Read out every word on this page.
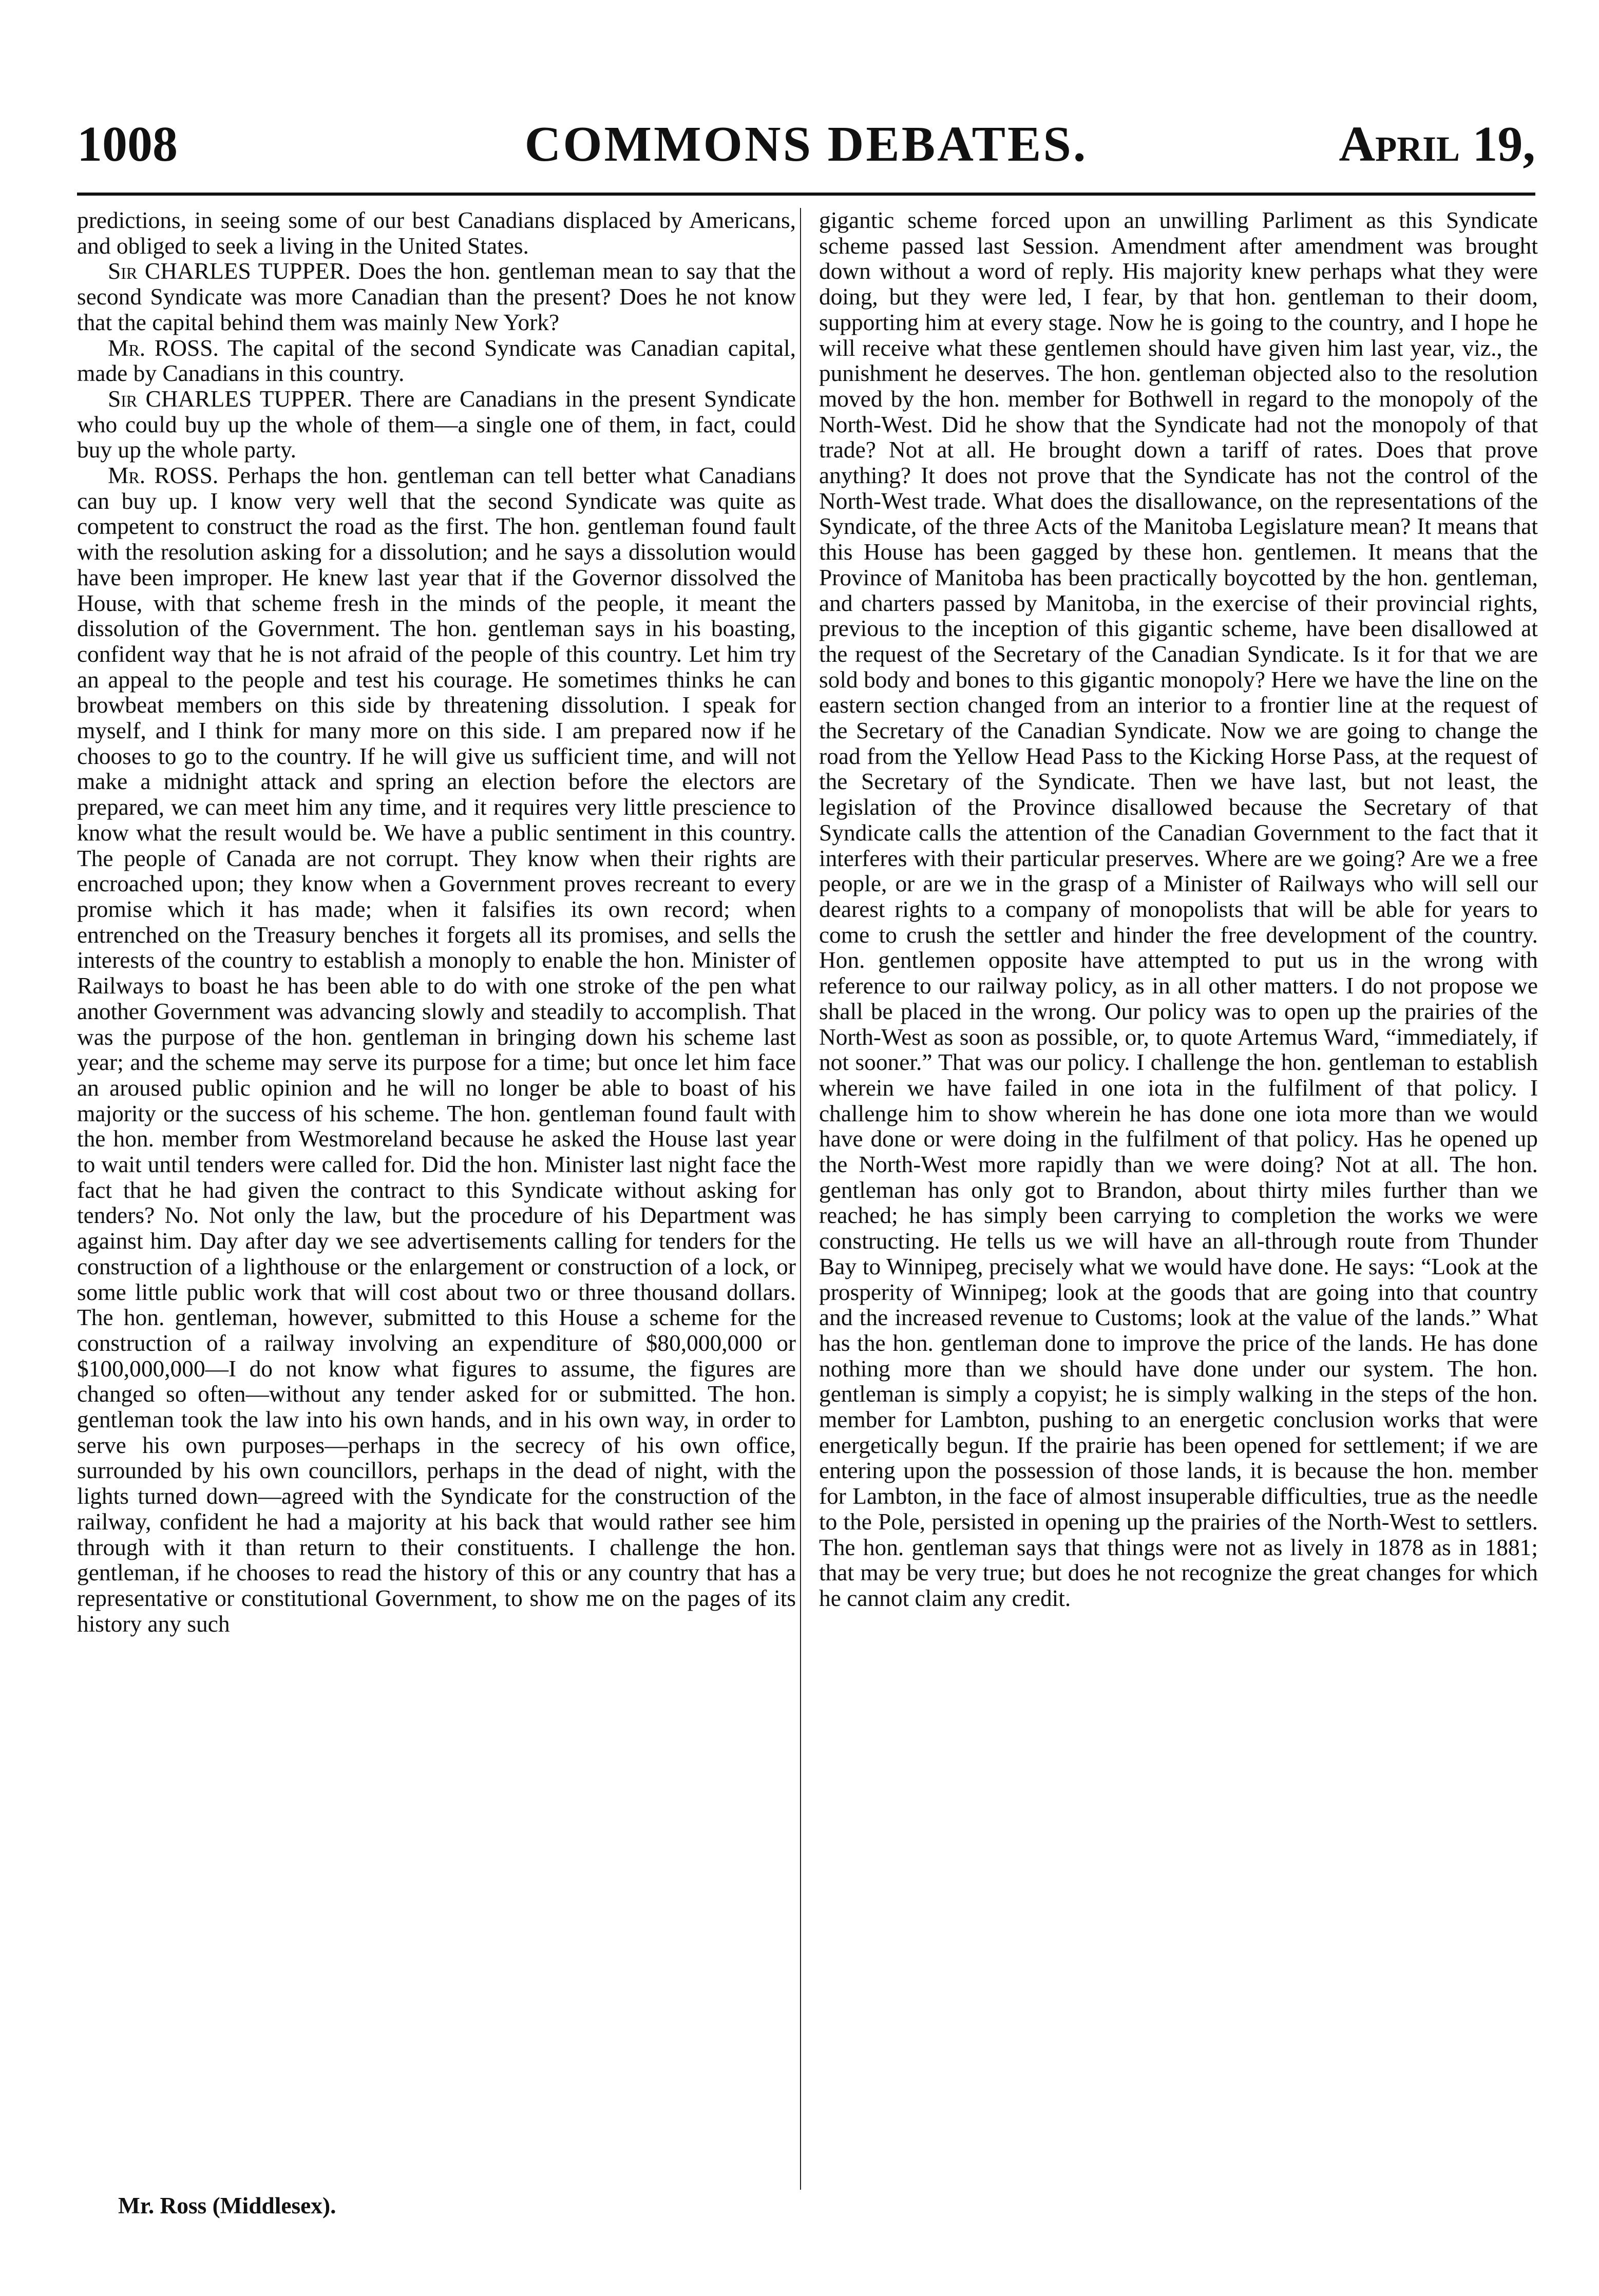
1008	COMMONS DEBATES.	April 19,

predictions, in seeing some of our best Canadians displaced by Americans, and obliged to seek a living in the United States.

Sir CHARLES TUPPER. Does the hon. gentleman mean to say that the second Syndicate was more Canadian than the present? Does he not know that the capital behind them was mainly New York?

Mr. ROSS. The capital of the second Syndicate was Canadian capital, made by Canadians in this country.

Sir CHARLES TUPPER. There are Canadians in the present Syndicate who could buy up the whole of them—a single one of them, in fact, could buy up the whole party.

Mr. ROSS. Perhaps the hon. gentleman can tell better what Canadians can buy up. I know very well that the second Syndicate was quite as competent to construct the road as the first. The hon. gentleman found fault with the resolution asking for a dissolution; and he says a dissolution would have been improper. He knew last year that if the Governor dissolved the House, with that scheme fresh in the minds of the people, it meant the dissolution of the Government. The hon. gentleman says in his boasting, confident way that he is not afraid of the people of this country. Let him try an appeal to the people and test his courage. He sometimes thinks he can browbeat members on this side by threatening dissolution. I speak for myself, and I think for many more on this side. I am prepared now if he chooses to go to the country. If he will give us sufficient time, and will not make a midnight attack and spring an election before the electors are prepared, we can meet him any time, and it requires very little prescience to know what the result would be. We have a public sentiment in this country. The people of Canada are not corrupt. They know when their rights are encroached upon; they know when a Government proves recreant to every promise which it has made; when it falsifies its own record; when entrenched on the Treasury benches it forgets all its promises, and sells the interests of the country to establish a monoply to enable the hon. Minister of Railways to boast he has been able to do with one stroke of the pen what another Government was advancing slowly and steadily to accomplish. That was the purpose of the hon. gentleman in bringing down his scheme last year; and the scheme may serve its purpose for a time; but once let him face an aroused public opinion and he will no longer be able to boast of his majority or the success of his scheme. The hon. gentleman found fault with the hon. member from Westmoreland because he asked the House last year to wait until tenders were called for. Did the hon. Minister last night face the fact that he had given the contract to this Syndicate without asking for tenders? No. Not only the law, but the procedure of his Department was against him. Day after day we see advertisements calling for tenders for the construction of a lighthouse or the enlargement or construction of a lock, or some little public work that will cost about two or three thousand dollars. The hon. gentleman, however, submitted to this House a scheme for the construction of a railway involving an expenditure of $80,000,000 or $100,000,000—I do not know what figures to assume, the figures are changed so often—without any tender asked for or submitted. The hon. gentleman took the law into his own hands, and in his own way, in order to serve his own purposes—perhaps in the secrecy of his own office, surrounded by his own councillors, perhaps in the dead of night, with the lights turned down—agreed with the Syndicate for the construction of the railway, confident he had a majority at his back that would rather see him through with it than return to their constituents. I challenge the hon. gentleman, if he chooses to read the history of this or any country that has a representative or constitutional Government, to show me on the pages of its history any such

gigantic scheme forced upon an unwilling Parliment as this Syndicate scheme passed last Session. Amendment after amendment was brought down without a word of reply. His majority knew perhaps what they were doing, but they were led, I fear, by that hon. gentleman to their doom, supporting him at every stage. Now he is going to the country, and I hope he will receive what these gentlemen should have given him last year, viz., the punishment he deserves. The hon. gentleman objected also to the resolution moved by the hon. member for Bothwell in regard to the monopoly of the North-West. Did he show that the Syndicate had not the monopoly of that trade? Not at all. He brought down a tariff of rates. Does that prove anything? It does not prove that the Syndicate has not the control of the North-West trade. What does the disallowance, on the representations of the Syndicate, of the three Acts of the Manitoba Legislature mean? It means that this House has been gagged by these hon. gentlemen. It means that the Province of Manitoba has been practically boycotted by the hon. gentleman, and charters passed by Manitoba, in the exercise of their provincial rights, previous to the inception of this gigantic scheme, have been disallowed at the request of the Secretary of the Canadian Syndicate. Is it for that we are sold body and bones to this gigantic monopoly? Here we have the line on the eastern section changed from an interior to a frontier line at the request of the Secretary of the Canadian Syndicate. Now we are going to change the road from the Yellow Head Pass to the Kicking Horse Pass, at the request of the Secretary of the Syndicate. Then we have last, but not least, the legislation of the Province disallowed because the Secretary of that Syndicate calls the attention of the Canadian Government to the fact that it interferes with their particular preserves. Where are we going? Are we a free people, or are we in the grasp of a Minister of Railways who will sell our dearest rights to a company of monopolists that will be able for years to come to crush the settler and hinder the free development of the country. Hon. gentlemen opposite have attempted to put us in the wrong with reference to our railway policy, as in all other matters. I do not propose we shall be placed in the wrong. Our policy was to open up the prairies of the North-West as soon as possible, or, to quote Artemus Ward, “immediately, if not sooner.” That was our policy. I challenge the hon. gentleman to establish wherein we have failed in one iota in the fulfilment of that policy. I challenge him to show wherein he has done one iota more than we would have done or were doing in the fulfilment of that policy. Has he opened up the North-West more rapidly than we were doing? Not at all. The hon. gentleman has only got to Brandon, about thirty miles further than we reached; he has simply been carrying to completion the works we were constructing. He tells us we will have an all-through route from Thunder Bay to Winnipeg, precisely what we would have done. He says: “Look at the prosperity of Winnipeg; look at the goods that are going into that country and the increased revenue to Customs; look at the value of the lands.” What has the hon. gentleman done to improve the price of the lands. He has done nothing more than we should have done under our system. The hon. gentleman is simply a copyist; he is simply walking in the steps of the hon. member for Lambton, pushing to an energetic conclusion works that were energetically begun. If the prairie has been opened for settlement; if we are entering upon the possession of those lands, it is because the hon. member for Lambton, in the face of almost insuperable difficulties, true as the needle to the Pole, persisted in opening up the prairies of the North-West to settlers. The hon. gentleman says that things were not as lively in 1878 as in 1881; that may be very true; but does he not recognize the great changes for which he cannot claim any credit.

Mr. Ross (Middlesex).
